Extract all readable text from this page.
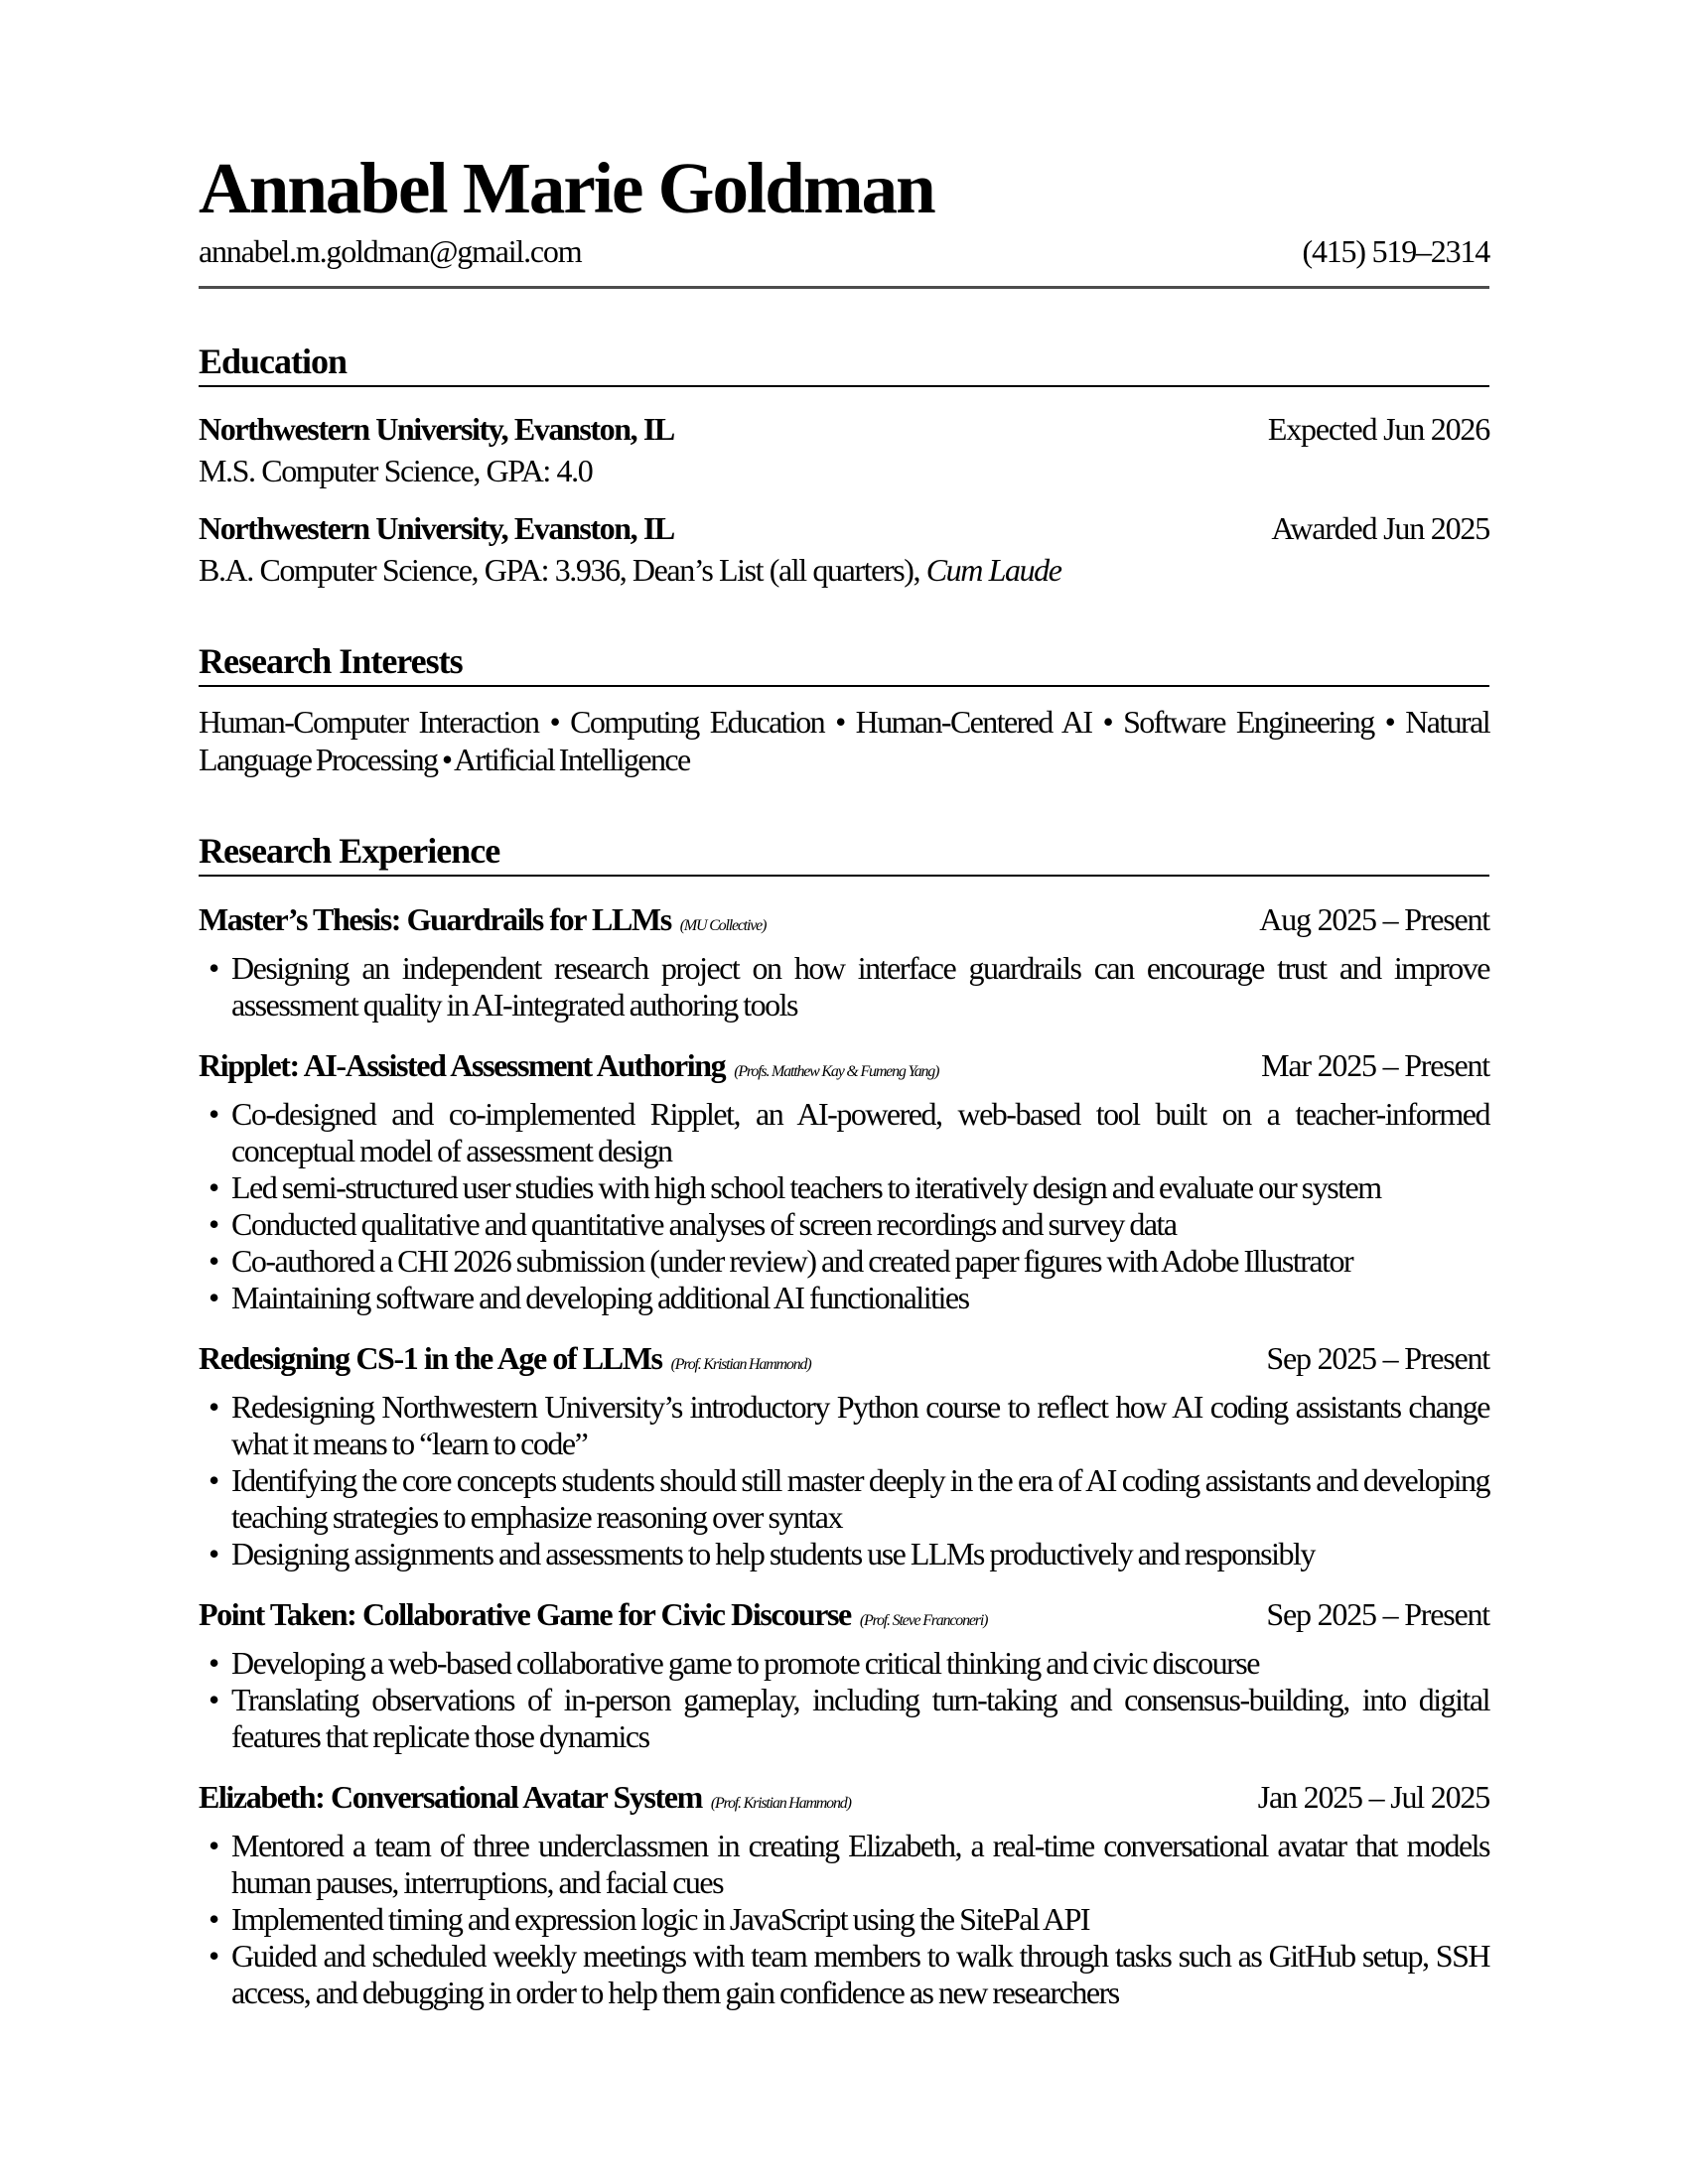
Annabel Marie Goldman
annabel.m.goldman@gmail.com	(415) 519–2314
Education
Northwestern University, Evanston, IL	Expected Jun 2026
M.S. Computer Science, GPA: 4.0
Northwestern University, Evanston, IL	Awarded Jun 2025
B.A. Computer Science, GPA: 3.936, Dean’s List (all quarters), Cum Laude
Research Interests

Human-Computer Interaction • Computing Education • Human-Centered AI • Software Engineering • Natural Language Processing • Artificial Intelligence

Research Experience
Master’s Thesis: Guardrails for LLMs (MU Collective)	Aug 2025 – Present
• Designing an independent research project on how interface guardrails can encourage trust and improve assessment quality in AI-integrated authoring tools
Ripplet: AI-Assisted Assessment Authoring (Profs. Matthew Kay & Fumeng Yang)	Mar 2025 – Present
• Co-designed and co-implemented Ripplet, an AI-powered, web-based tool built on a teacher-informed conceptual model of assessment design
• Led semi-structured user studies with high school teachers to iteratively design and evaluate our system
• Conducted qualitative and quantitative analyses of screen recordings and survey data
• Co-authored a CHI 2026 submission (under review) and created paper figures with Adobe Illustrator
• Maintaining software and developing additional AI functionalities
Redesigning CS-1 in the Age of LLMs (Prof. Kristian Hammond)	Sep 2025 – Present
• Redesigning Northwestern University’s introductory Python course to reflect how AI coding assistants change what it means to “learn to code”
• Identifying the core concepts students should still master deeply in the era of AI coding assistants and developing teaching strategies to emphasize reasoning over syntax
• Designing assignments and assessments to help students use LLMs productively and responsibly
Point Taken: Collaborative Game for Civic Discourse (Prof. Steve Franconeri)	Sep 2025 – Present
• Developing a web-based collaborative game to promote critical thinking and civic discourse
• Translating observations of in-person gameplay, including turn-taking and consensus-building, into digital features that replicate those dynamics
Elizabeth: Conversational Avatar System (Prof. Kristian Hammond)	Jan 2025 – Jul 2025
• Mentored a team of three underclassmen in creating Elizabeth, a real-time conversational avatar that models human pauses, interruptions, and facial cues
• Implemented timing and expression logic in JavaScript using the SitePal API
• Guided and scheduled weekly meetings with team members to walk through tasks such as GitHub setup, SSH access, and debugging in order to help them gain confidence as new researchers
